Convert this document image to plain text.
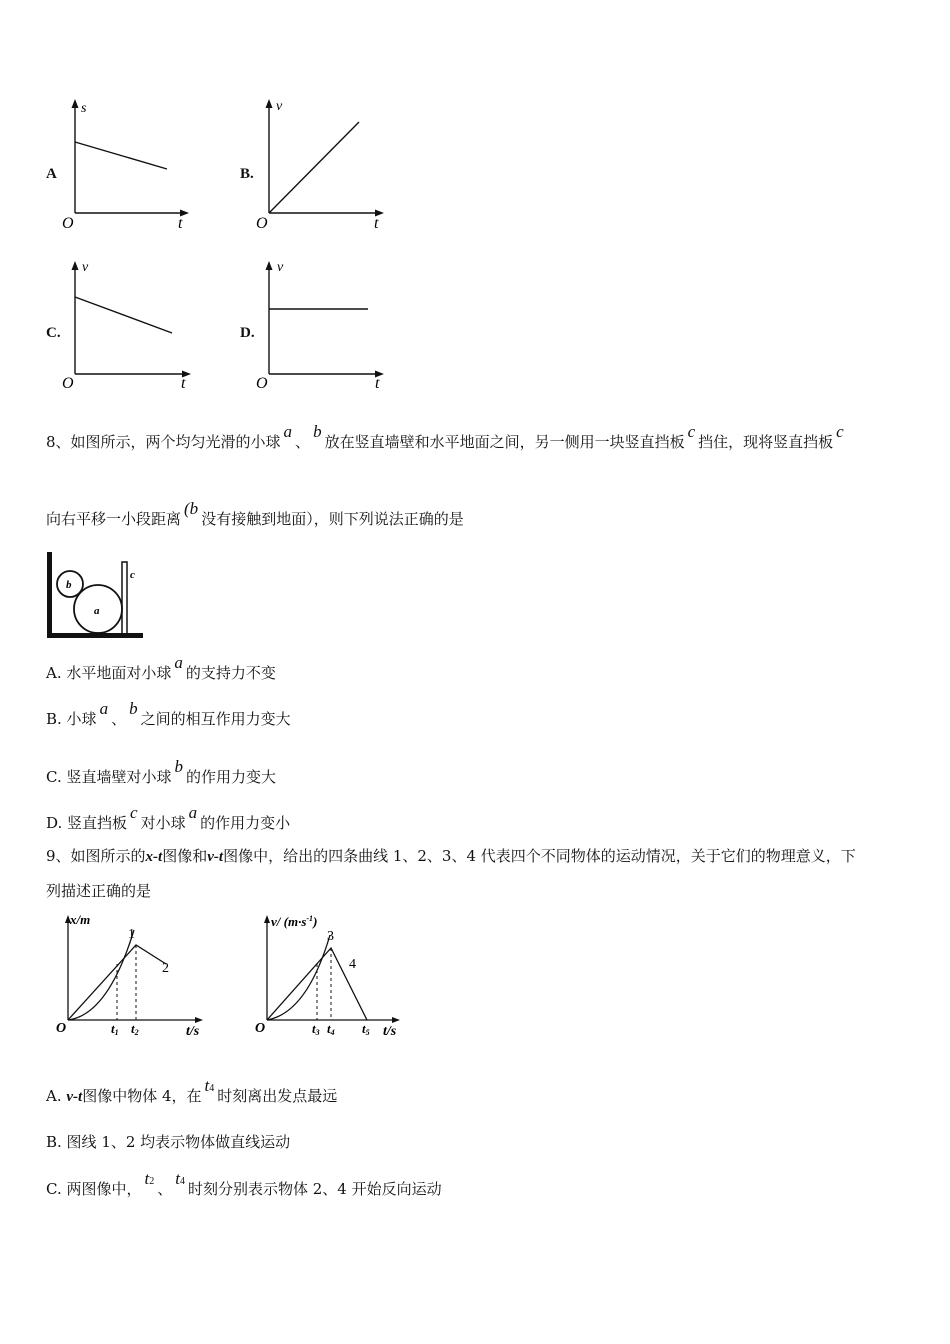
A
s
O	t
B.
v
O	t
C.
v
O	t
D.
v
O	t
8、如图所示，两个均匀光滑的小球a、b放在竖直墙壁和水平地面之间，另一侧用一块竖直挡板c挡住，现将竖直挡板c
向右平移一小段距离(b没有接触到地面），则下列说法正确的是
b
a
c
A. 水平地面对小球a的支持力不变
B. 小球a、b之间的相互作用力变大
C. 竖直墙壁对小球b的作用力变大
D. 竖直挡板c对小球a的作用力变小
9、如图所示的x-t图像和v-t图像中，给出的四条曲线 1、2、3、4 代表四个不同物体的运动情况，关于它们的物理意义，下
列描述正确的是
x/m
1
2
O	t1 t2	t/s
v/ $(m\cdot s^{-1})$
3
4
O	t3 t4 t5 t/s
A. v-t图像中物体 4，在t4 时刻离出发点最远
B. 图线 1、2 均表示物体做直线运动
C. 两图像中，t2 、t4 时刻分别表示物体 2、4 开始反向运动
